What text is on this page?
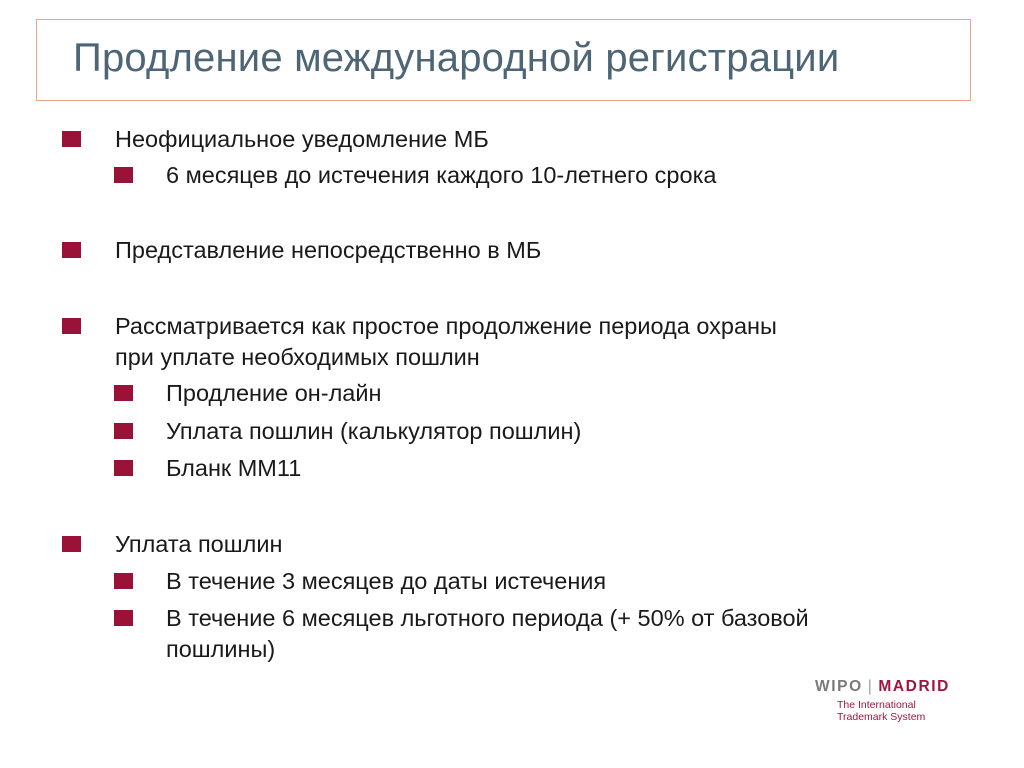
Продление международной регистрации
Неофициальное уведомление МБ
6 месяцев до истечения каждого 10-летнего срока
Представление непосредственно в МБ
Рассматривается как простое продолжение периода охраны
при уплате необходимых пошлин
Продление он-лайн
Уплата пошлин (калькулятор пошлин)
Бланк ММ11
Уплата пошлин
В течение 3 месяцев до даты истечения
В течение 6 месяцев льготного периода (+ 50% от базовой
пошлины)
WIPO | MADRID
The International
Trademark System
